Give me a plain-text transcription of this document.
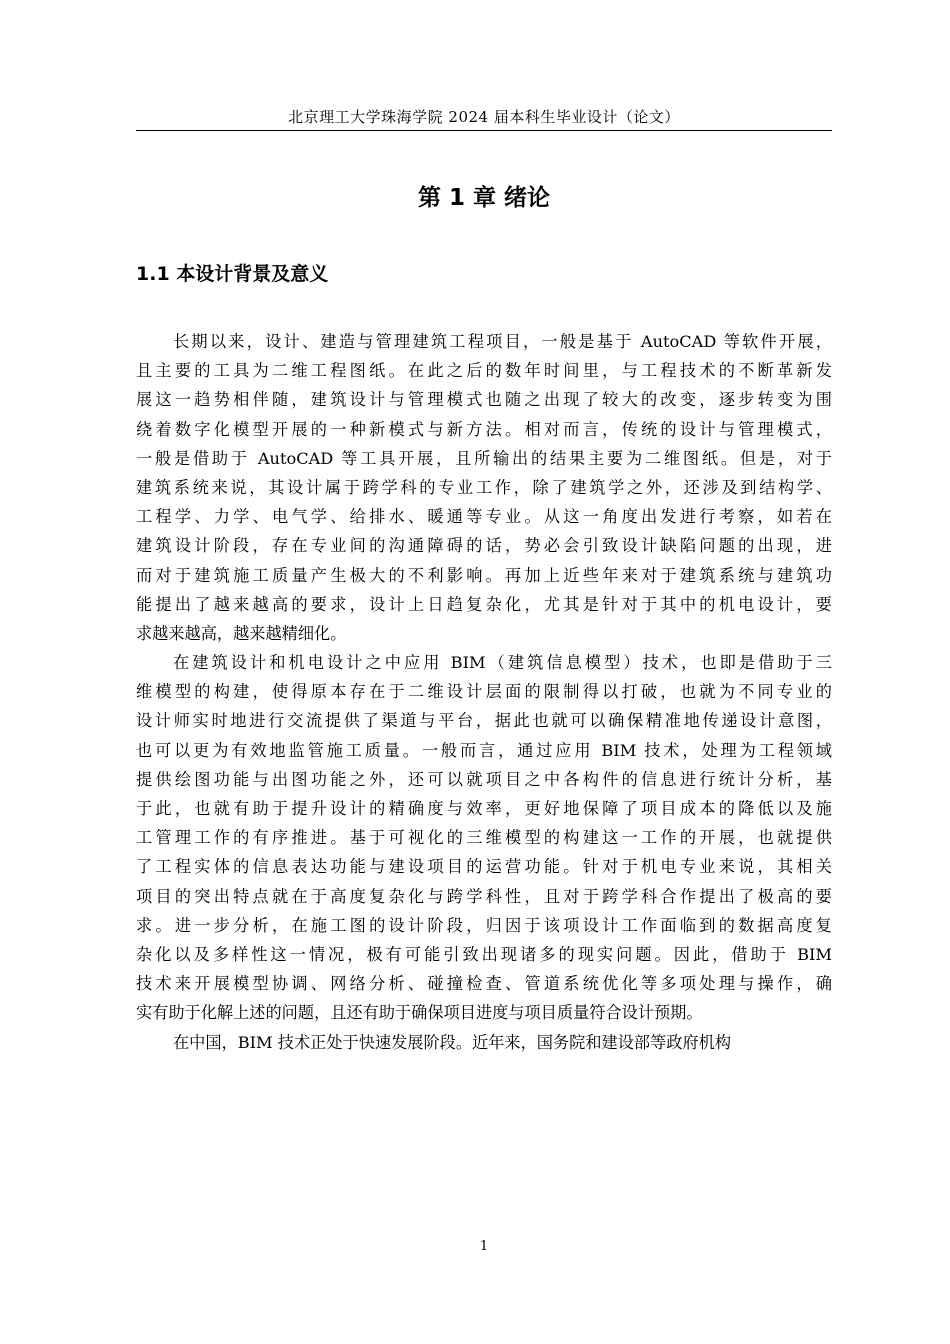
北京理工大学珠海学院 2024 届本科生毕业设计（论文）
第 1 章 绪论
1.1 本设计背景及意义
长期以来，设计、建造与管理建筑工程项目，一般是基于 AutoCAD 等软件开展，
且主要的工具为二维工程图纸。在此之后的数年时间里，与工程技术的不断革新发
展这一趋势相伴随，建筑设计与管理模式也随之出现了较大的改变，逐步转变为围
绕着数字化模型开展的一种新模式与新方法。相对而言，传统的设计与管理模式，
一般是借助于 AutoCAD 等工具开展，且所输出的结果主要为二维图纸。但是，对于
建筑系统来说，其设计属于跨学科的专业工作，除了建筑学之外，还涉及到结构学、
工程学、力学、电气学、给排水、暖通等专业。从这一角度出发进行考察，如若在
建筑设计阶段，存在专业间的沟通障碍的话，势必会引致设计缺陷问题的出现，进
而对于建筑施工质量产生极大的不利影响。再加上近些年来对于建筑系统与建筑功
能提出了越来越高的要求，设计上日趋复杂化，尤其是针对于其中的机电设计，要
求越来越高，越来越精细化。
在建筑设计和机电设计之中应用 BIM（建筑信息模型）技术，也即是借助于三
维模型的构建，使得原本存在于二维设计层面的限制得以打破，也就为不同专业的
设计师实时地进行交流提供了渠道与平台，据此也就可以确保精准地传递设计意图，
也可以更为有效地监管施工质量。一般而言，通过应用 BIM 技术，处理为工程领域
提供绘图功能与出图功能之外，还可以就项目之中各构件的信息进行统计分析，基
于此，也就有助于提升设计的精确度与效率，更好地保障了项目成本的降低以及施
工管理工作的有序推进。基于可视化的三维模型的构建这一工作的开展，也就提供
了工程实体的信息表达功能与建设项目的运营功能。针对于机电专业来说，其相关
项目的突出特点就在于高度复杂化与跨学科性，且对于跨学科合作提出了极高的要
求。进一步分析，在施工图的设计阶段，归因于该项设计工作面临到的数据高度复
杂化以及多样性这一情况，极有可能引致出现诸多的现实问题。因此，借助于 BIM
技术来开展模型协调、网络分析、碰撞检查、管道系统优化等多项处理与操作，确
实有助于化解上述的问题，且还有助于确保项目进度与项目质量符合设计预期。
在中国，BIM 技术正处于快速发展阶段。近年来，国务院和建设部等政府机构
1
